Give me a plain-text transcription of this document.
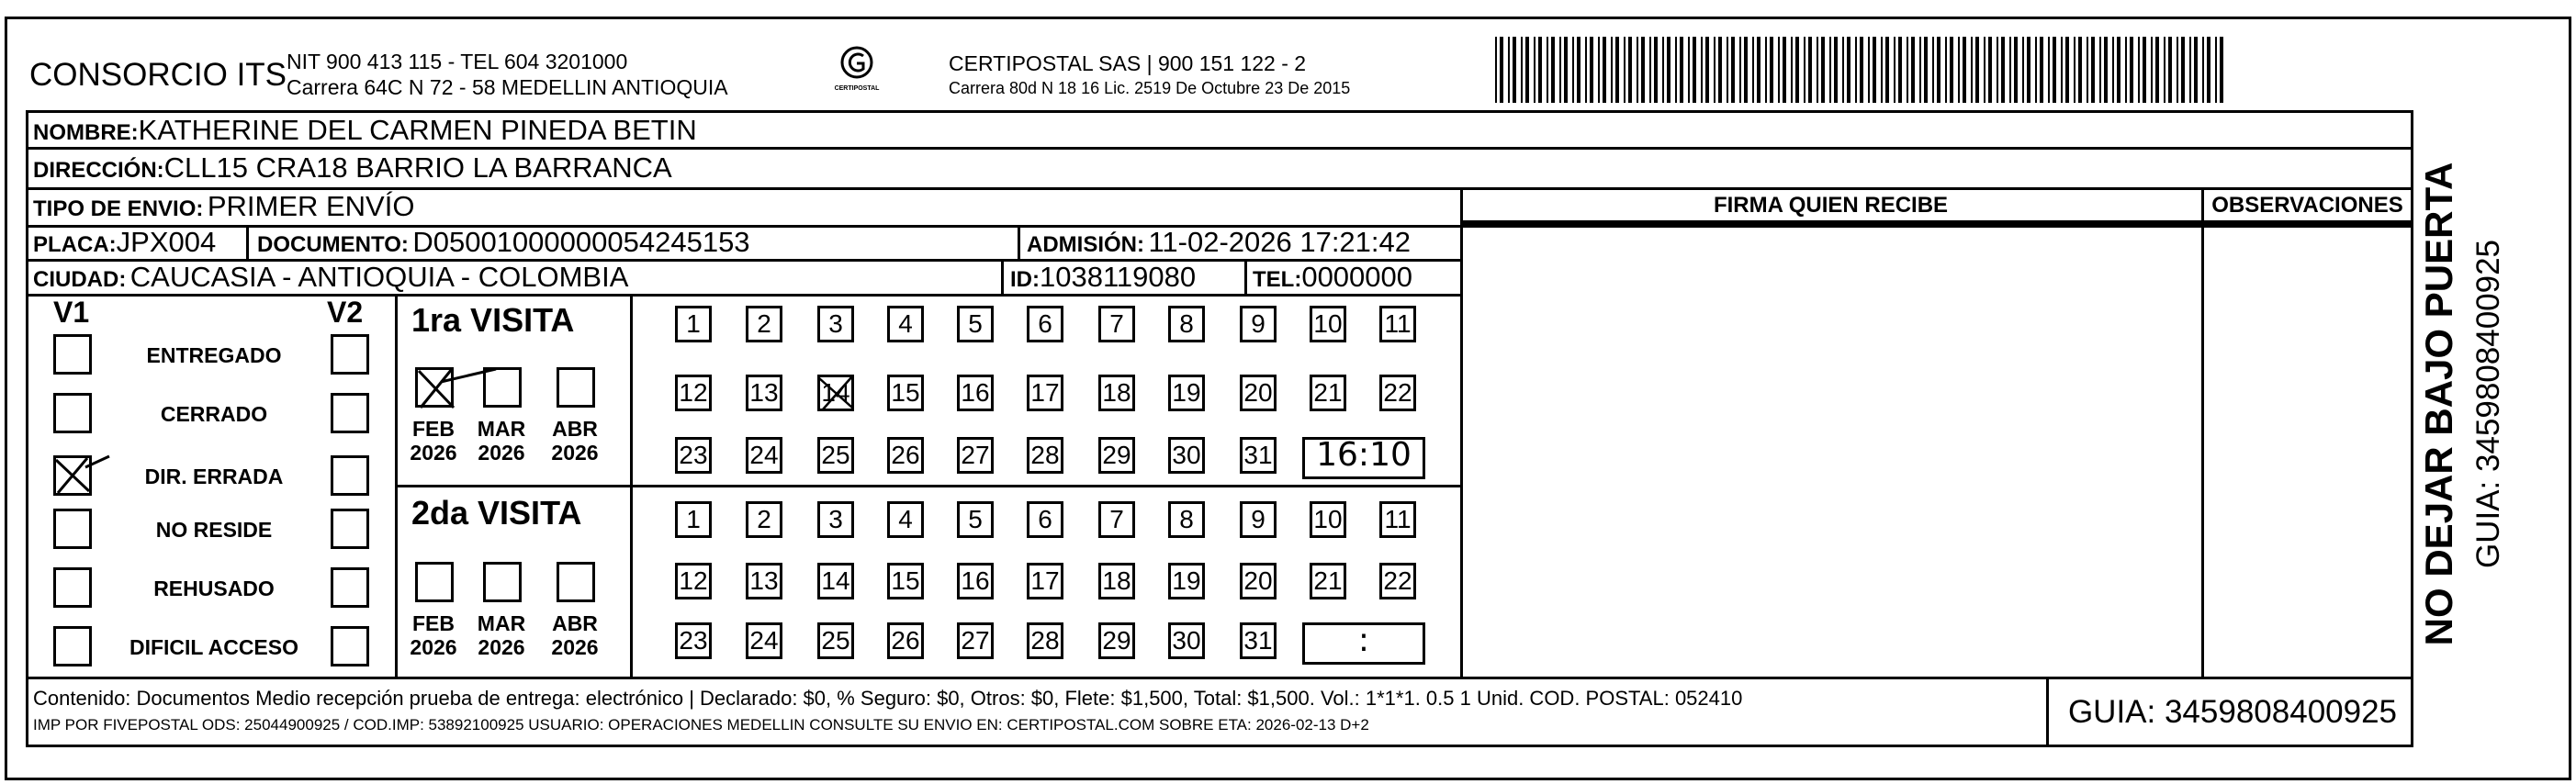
CONSORCIO ITS NIT 900 413 115 - TEL 604 3201000
Carrera 64C N 72 - 58 MEDELLIN ANTIOQUIA	CERTIPOSTAL
CERTIPOSTAL SAS | 900 151 122 - 2
Carrera 80d N 18 16 Lic. 2519 De Octubre 23 De 2015
FIRMA QUIEN RECIBE	OBSERVACIONES
NOMBRE:KATHERINE DEL CARMEN PINEDA BETIN
DIRECCIÓN:CLL15 CRA18 BARRIO LA BARRANCA
TIPO DE ENVIO: PRIMER ENVÍO
PLACA:JPX004 DOCUMENTO: D05001000000054245153	ADMISIÓN: 11-02-2026 17:21:42
CIUDAD: CAUCASIA - ANTIOQUIA - COLOMBIA	ID:1038119080	TEL:0000000
V1	V2
ENTREGADO
CERRADO
DIR. ERRADA
NO RESIDE
REHUSADO
DIFICIL ACCESO
1ra VISITA
2da VISITA
1	2	3	4	5	6	7	8	9	10 11
12 13 14 15 16 17 18 19 20 21 22
23 24 25 26 27 28 29 30 31	16:10
1	2	3	4	5	6	7	8	9	10 11
12 13 14 15 16 17 18 19 20 21 22
23 24 25 26 27 28 29 30 31	:
FEB
2026
MAR
2026
ABR
2026
FEB
2026
MAR
2026
ABR
2026
Contenido: Documentos Medio recepción prueba de entrega: electrónico | Declarado: $0, % Seguro: $0, Otros: $0, Flete: $1,500, Total: $1,500. Vol.: 1*1*1. 0.5 1 Unid. COD. POSTAL: 052410
IMP POR FIVEPOSTAL ODS: 25044900925 / COD.IMP: 53892100925 USUARIO: OPERACIONES MEDELLIN CONSULTE SU ENVIO EN: CERTIPOSTAL.COM SOBRE ETA: 2026-02-13 D+2	GUIA: 3459808400925
NO DEJAR BAJO PUERTA GUIA: 3459808400925
